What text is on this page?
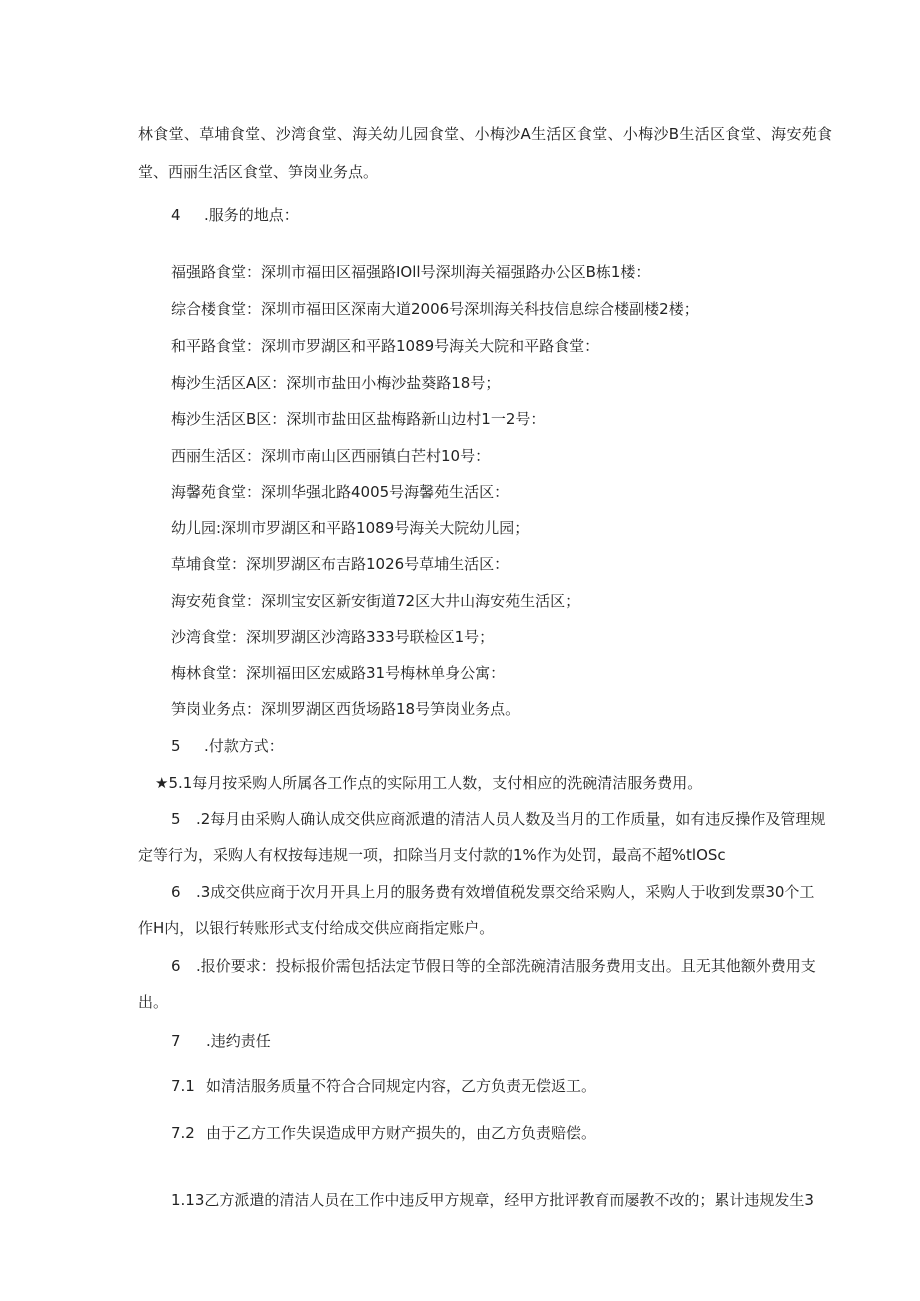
林食堂、草埔食堂、沙湾食堂、海关幼儿园食堂、小梅沙A生活区食堂、小梅沙B生活区食堂、海安苑食
堂、西丽生活区食堂、笋岗业务点。
4 .服务的地点：
福强路食堂：深圳市福田区福强路IOll号深圳海关福强路办公区B栋1楼：
综合楼食堂：深圳市福田区深南大道2006号深圳海关科技信息综合楼副楼2楼；
和平路食堂：深圳市罗湖区和平路1089号海关大院和平路食堂：
梅沙生活区A区：深圳市盐田小梅沙盐葵路18号；
梅沙生活区B区：深圳市盐田区盐梅路新山边村1一2号：
西丽生活区：深圳市南山区西丽镇白芒村10号：
海馨苑食堂：深圳华强北路4005号海馨苑生活区：
幼儿园:深圳市罗湖区和平路1089号海关大院幼儿园；
草埔食堂：深圳罗湖区布吉路1026号草埔生活区：
海安苑食堂：深圳宝安区新安街道72区大井山海安苑生活区；
沙湾食堂：深圳罗湖区沙湾路333号联检区1号；
梅林食堂：深圳福田区宏威路31号梅林单身公寓：
笋岗业务点：深圳罗湖区西货场路18号笋岗业务点。
5 .付款方式：
★5.1每月按采购人所属各工作点的实际用工人数，支付相应的洗碗清洁服务费用。
5 .2每月由采购人确认成交供应商派遣的清洁人员人数及当月的工作质量，如有违反操作及管理规
定等行为，采购人有权按每违规一项，扣除当月支付款的1%作为处罚，最高不超%tlOSc
6 .3成交供应商于次月开具上月的服务费有效增值税发票交给采购人，采购人于收到发票30个工
作H内，以银行转账形式支付给成交供应商指定账户。
6 .报价要求：投标报价需包括法定节假日等的全部洗碗清洁服务费用支出。且无其他额外费用支
出。
7 .违约责任
7.1 如清洁服务质量不符合合同规定内容，乙方负责无偿返工。
7.2 由于乙方工作失误造成甲方财产损失的，由乙方负责赔偿。
1.13乙方派遣的清洁人员在工作中违反甲方规章，经甲方批评教育而屡教不改的；累计违规发生3
